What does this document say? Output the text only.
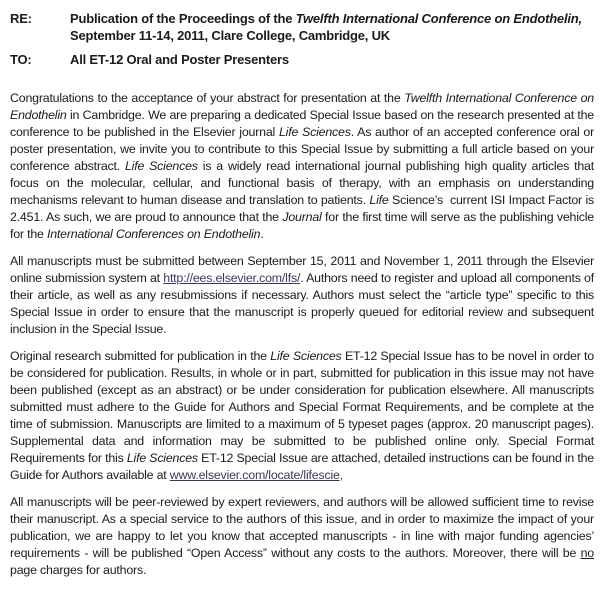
RE:	Publication of the Proceedings of the Twelfth International Conference on Endothelin,  September 11-14, 2011, Clare College, Cambridge, UK
TO:	All ET-12 Oral and Poster Presenters

Congratulations to the acceptance of your abstract for presentation at the Twelfth International Conference on Endothelin in Cambridge. We are preparing a dedicated Special Issue based on the research presented at the conference to be published in the Elsevier journal Life Sciences. As author of an accepted conference oral or poster presentation, we invite you to contribute to this Special Issue by submitting a full article based on your conference abstract. Life Sciences is a widely read international journal publishing high quality articles that focus on the molecular, cellular, and functional basis of therapy, with an emphasis on understanding mechanisms relevant to human disease and translation to patients. Life Science’s  current ISI Impact Factor is 2.451. As such, we are proud to announce that the Journal for the first time will serve as the publishing vehicle for the International Conferences on Endothelin.

All manuscripts must be submitted between September 15, 2011 and November 1, 2011 through the Elsevier online submission system at http://ees.elsevier.com/lfs/. Authors need to register and upload all components of their article, as well as any resubmissions if necessary. Authors must select the “article type” specific to this Special Issue in order to ensure that the manuscript is properly queued for editorial review and subsequent inclusion in the Special Issue.

Original research submitted for publication in the Life Sciences ET-12 Special Issue has to be novel in order to be considered for publication. Results, in whole or in part, submitted for publication in this issue may not have been published (except as an abstract) or be under consideration for publication elsewhere. All manuscripts submitted must adhere to the Guide for Authors and Special Format Requirements, and be complete at the time of submission. Manuscripts are limited to a maximum of 5 typeset pages (approx. 20 manuscript pages). Supplemental data and information may be submitted to be published online only. Special Format Requirements for this Life Sciences ET-12 Special Issue are attached, detailed instructions can be found in the Guide for Authors available at www.elsevier.com/locate/lifescie,

All manuscripts will be peer-reviewed by expert reviewers, and authors will be allowed sufficient time to revise their manuscript. As a special service to the authors of this issue, and in order to maximize the impact of your publication, we are happy to let you know that accepted manuscripts - in line with major funding agencies’ requirements - will be published “Open Access” without any costs to the authors. Moreover, there will be no page charges for authors.
